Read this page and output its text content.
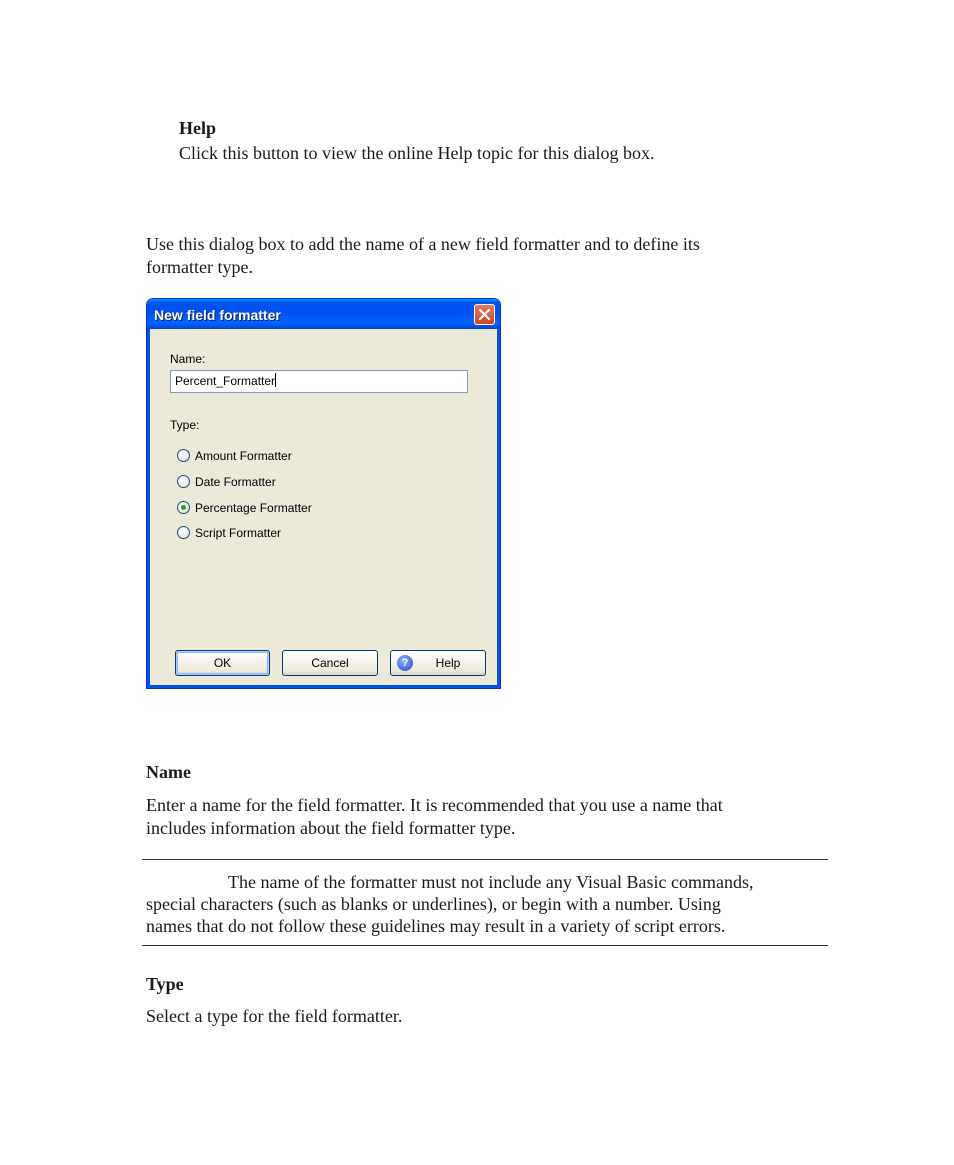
Help
Click this button to view the online Help topic for this dialog box.
Use this dialog box to add the name of a new field formatter and to define its
formatter type.
New field formatter
Name:
Percent_Formatter
Type:
Amount Formatter
Date Formatter
Percentage Formatter
Script Formatter
OK	Cancel	?	Help
Name
Enter a name for the field formatter. It is recommended that you use a name that
includes information about the field formatter type.
The name of the formatter must not include any Visual Basic commands,
special characters (such as blanks or underlines), or begin with a number. Using
names that do not follow these guidelines may result in a variety of script errors.
Type
Select a type for the field formatter.
